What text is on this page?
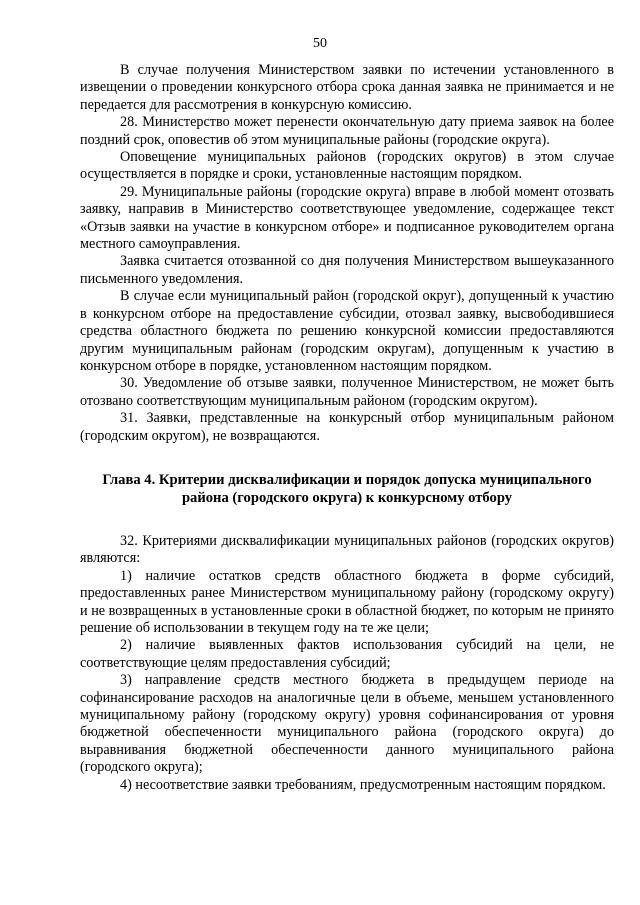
50

В случае получения Министерством заявки по истечении установленного в извещении о проведении конкурсного отбора срока данная заявка не принимается и не передается для рассмотрения в конкурсную комиссию.

28. Министерство может перенести окончательную дату приема заявок на более поздний срок, оповестив об этом муниципальные районы (городские округа).

Оповещение муниципальных районов (городских округов) в этом случае осуществляется в порядке и сроки, установленные настоящим порядком.

29. Муниципальные районы (городские округа) вправе в любой момент отозвать заявку, направив в Министерство соответствующее уведомление, содержащее текст «Отзыв заявки на участие в конкурсном отборе» и подписанное руководителем органа местного самоуправления.

Заявка считается отозванной со дня получения Министерством вышеуказанного письменного уведомления.

В случае если муниципальный район (городской округ), допущенный к участию в конкурсном отборе на предоставление субсидии, отозвал заявку, высвободившиеся средства областного бюджета по решению конкурсной комиссии предоставляются другим муниципальным районам (городским округам), допущенным к участию в конкурсном отборе в порядке, установленном настоящим порядком.

30. Уведомление об отзыве заявки, полученное Министерством, не может быть отозвано соответствующим муниципальным районом (городским округом).

31. Заявки, представленные на конкурсный отбор муниципальным районом (городским округом), не возвращаются.

Глава 4. Критерии дисквалификации и порядок допуска муниципального района (городского округа) к конкурсному отбору

32. Критериями дисквалификации муниципальных районов (городских округов) являются:

1) наличие остатков средств областного бюджета в форме субсидий, предоставленных ранее Министерством муниципальному району (городскому округу) и не возвращенных в установленные сроки в областной бюджет, по которым не принято решение об использовании в текущем году на те же цели;

2) наличие выявленных фактов использования субсидий на цели, не соответствующие целям предоставления субсидий;

3) направление средств местного бюджета в предыдущем периоде на софинансирование расходов на аналогичные цели в объеме, меньшем установленного муниципальному району (городскому округу) уровня софинансирования от уровня бюджетной обеспеченности муниципального района (городского округа) до выравнивания бюджетной обеспеченности данного муниципального района (городского округа);

4) несоответствие заявки требованиям, предусмотренным настоящим порядком.
